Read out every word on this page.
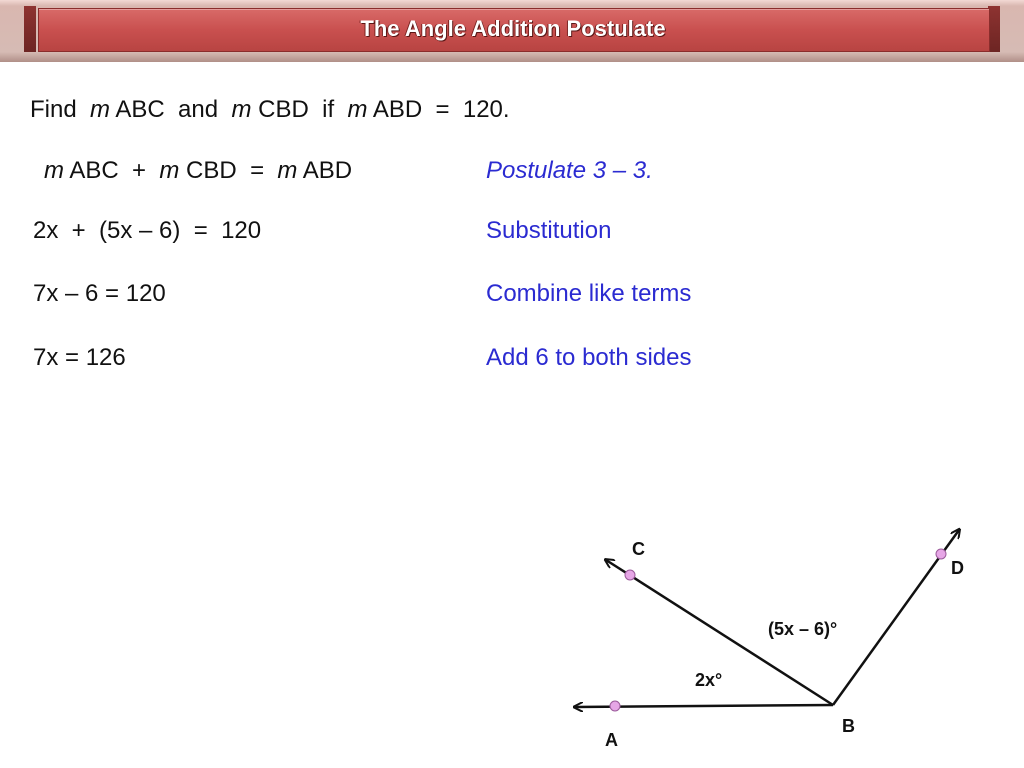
The Angle Addition Postulate
Find  m ABC  and  m CBD  if  m ABD  =  120.
m ABC  +  m CBD  =  m ABD	Postulate 3 – 3.
2x  +  (5x – 6)  =  120	Substitution
7x – 6 = 120	Combine like terms
7x = 126	Add 6 to both sides
A
B
C
D
2x°
(5x – 6)°
